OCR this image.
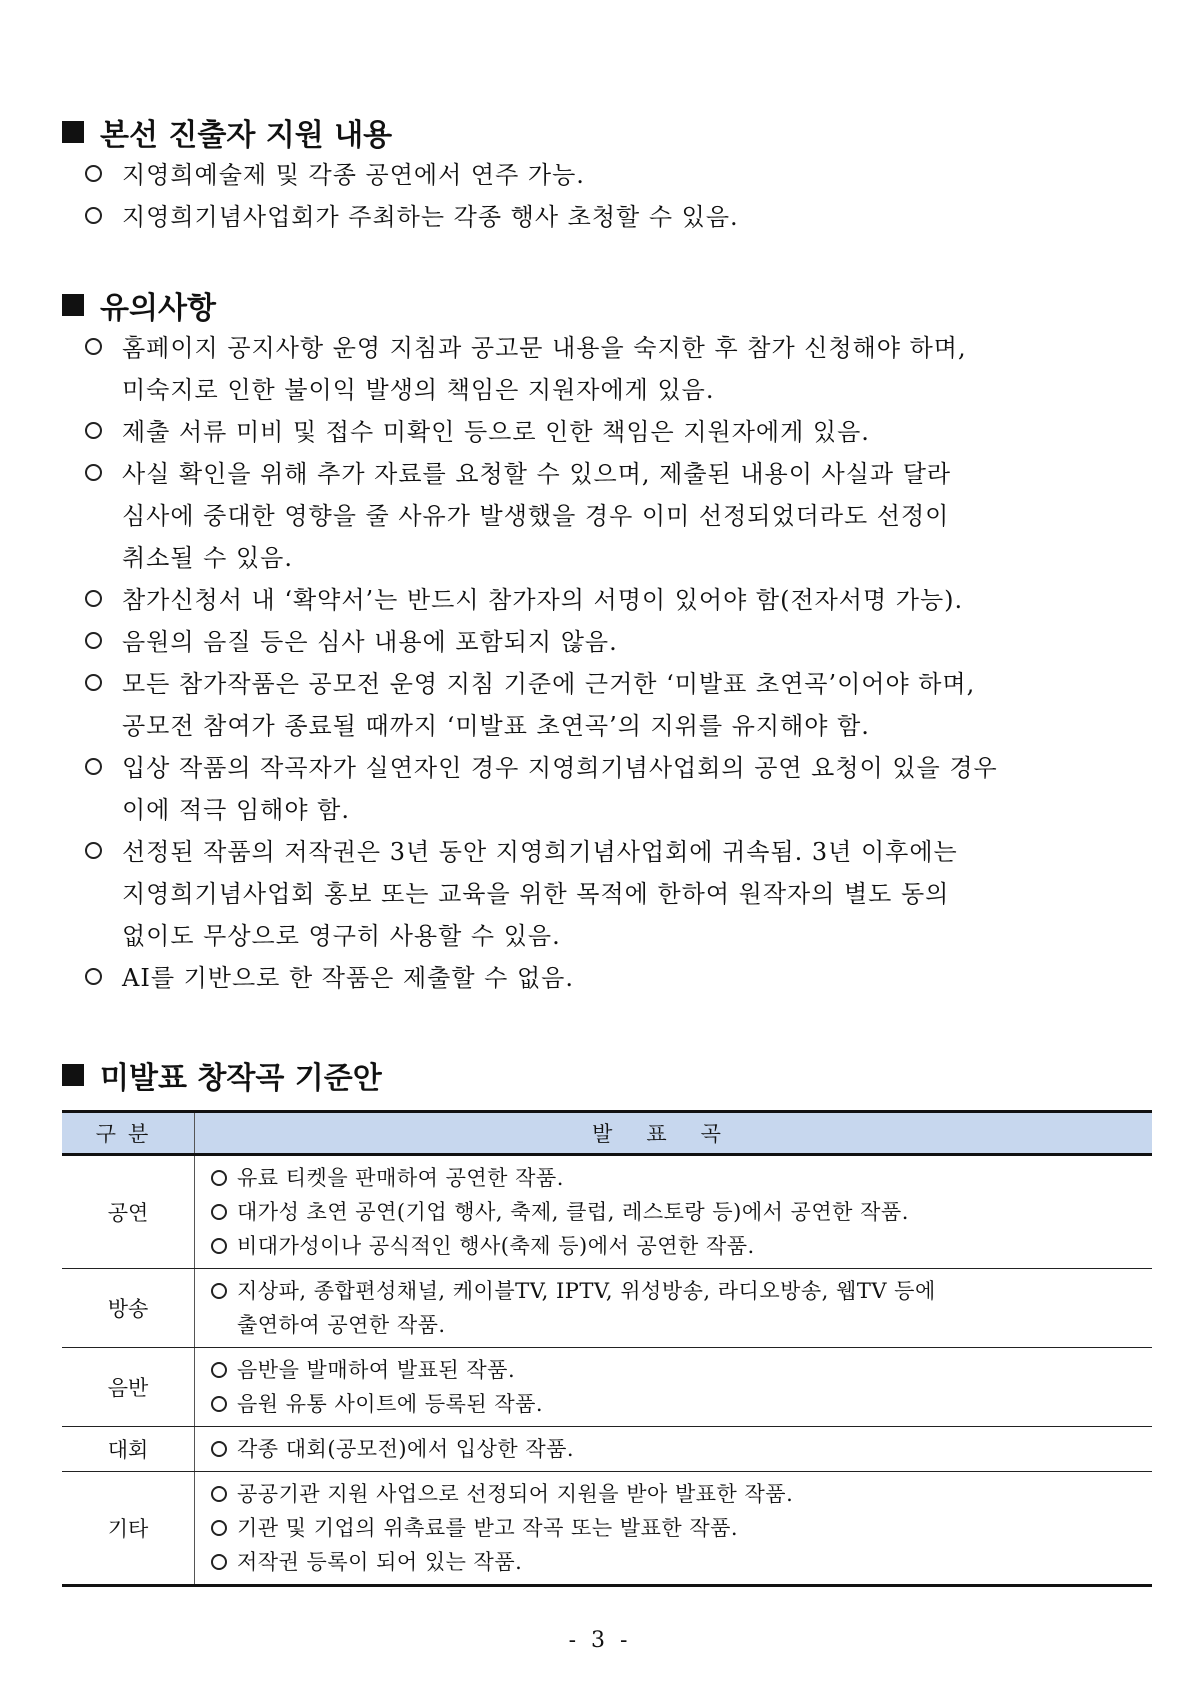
본선 진출자 지원 내용
지영희예술제 및 각종 공연에서 연주 가능.
지영희기념사업회가 주최하는 각종 행사 초청할 수 있음.
유의사항
홈페이지 공지사항 운영 지침과 공고문 내용을 숙지한 후 참가 신청해야 하며,
미숙지로 인한 불이익 발생의 책임은 지원자에게 있음.
제출 서류 미비 및 접수 미확인 등으로 인한 책임은 지원자에게 있음.
사실 확인을 위해 추가 자료를 요청할 수 있으며, 제출된 내용이 사실과 달라
심사에 중대한 영향을 줄 사유가 발생했을 경우 이미 선정되었더라도 선정이
취소될 수 있음.
참가신청서 내 ‘확약서’는 반드시 참가자의 서명이 있어야 함(전자서명 가능).
음원의 음질 등은 심사 내용에 포함되지 않음.
모든 참가작품은 공모전 운영 지침 기준에 근거한 ‘미발표 초연곡’이어야 하며,
공모전 참여가 종료될 때까지 ‘미발표 초연곡’의 지위를 유지해야 함.
입상 작품의 작곡자가 실연자인 경우 지영희기념사업회의 공연 요청이 있을 경우
이에 적극 임해야 함.
선정된 작품의 저작권은 3년 동안 지영희기념사업회에 귀속됨. 3년 이후에는
지영희기념사업회 홍보 또는 교육을 위한 목적에 한하여 원작자의 별도 동의
없이도 무상으로 영구히 사용할 수 있음.
AI를 기반으로 한 작품은 제출할 수 없음.
미발표 창작곡 기준안
구분	발표곡
공연	유료 티켓을 판매하여 공연한 작품.
대가성 초연 공연(기업 행사, 축제, 클럽, 레스토랑 등)에서 공연한 작품.
비대가성이나 공식적인 행사(축제 등)에서 공연한 작품.

방송	지상파, 종합편성채널, 케이블TV, IPTV, 위성방송, 라디오방송, 웹TV 등에
출연하여 공연한 작품.

음반	음반을 발매하여 발표된 작품.
음원 유통 사이트에 등록된 작품.

대회	각종 대회(공모전)에서 입상한 작품.

기타	공공기관 지원 사업으로 선정되어 지원을 받아 발표한 작품.
기관 및 기업의 위촉료를 받고 작곡 또는 발표한 작품.
저작권 등록이 되어 있는 작품.
- 3 -
